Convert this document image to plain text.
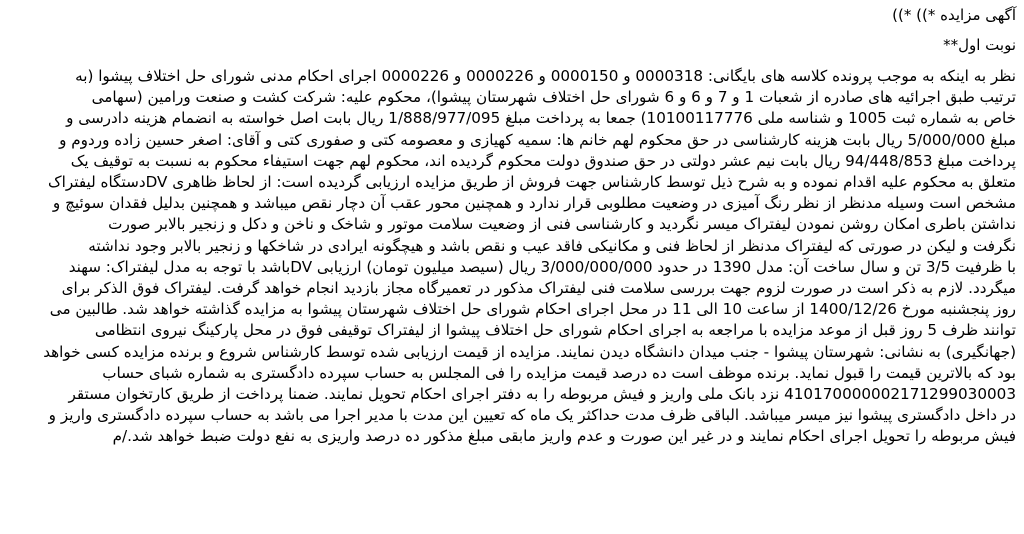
آگهی مزایده *)) *))
نوبت اول**
نظر به اینکه به موجب پرونده کلاسه های بایگانی: 0000318 و 0000150 و 0000226 و 0000226 اجرای احکام مدنی شورای حل اختلاف پیشوا (به
ترتیب طبق اجرائیه های صادره از شعبات 1 و 7 و 6 و 6 شورای حل اختلاف شهرستان پیشوا)، محکوم علیه: شرکت کشت و صنعت ورامین (سهامی
خاص به شماره ثبت 1005 و شناسه ملی 10100117776) جمعا به پرداخت مبلغ 1/888/977/095 ریال بابت اصل خواسته به انضمام هزینه دادرسی و
مبلغ 5/000/000 ریال بابت هزینه کارشناسی در حق محکوم لهم خانم ها: سمیه کهیازی و معصومه کتی و صفوری کتی و آقای: اصغر حسین زاده وردوم و
پرداخت مبلغ 94/448/853 ریال بابت نیم عشر دولتی در حق صندوق دولت محکوم گردیده اند، محکوم لهم جهت استیفاء محکوم به نسبت به توقیف یک
متعلق به محکوم علیه اقدام نموده و به شرح ذیل توسط کارشناس جهت فروش از طریق مزایده ارزیابی گردیده است: از لحاظ ظاهری DVدستگاه لیفتراک
مشخص است وسیله مدنظر از نظر رنگ آمیزی در وضعیت مطلوبی قرار ندارد و همچنین محور عقب آن دچار نقص میباشد و همچنین بدلیل فقدان سوئیچ و
نداشتن باطری امکان روشن نمودن لیفتراک میسر نگردید و کارشناسی فنی از وضعیت سلامت موتور و شاخک و ناخن و دکل و زنجیر بالابر صورت
نگرفت و لیکن در صورتی که لیفتراک مدنظر از لحاظ فنی و مکانیکی فاقد عیب و نقص باشد و هیچگونه ایرادی در شاخکها و زنجیر بالابر وجود نداشته
با ظرفیت 3/5 تن و سال ساخت آن: مدل 1390 در حدود 3/000/000/000 ریال (سیصد میلیون تومان) ارزیابی DVباشد با توجه به مدل لیفتراک: سهند
میگردد. لازم به ذکر است در صورت لزوم جهت بررسی سلامت فنی لیفتراک مذکور در تعمیرگاه مجاز بازدید انجام خواهد گرفت. لیفتراک فوق الذکر برای
روز پنجشنبه مورخ 1400/12/26 از ساعت 10 الی 11 در محل اجرای احکام شورای حل اختلاف شهرستان پیشوا به مزایده گذاشته خواهد شد. طالبین می
توانند ظرف 5 روز قبل از موعد مزایده با مراجعه به اجرای احکام شورای حل اختلاف پیشوا از لیفتراک توقیفی فوق در محل پارکینگ نیروی انتظامی
(جهانگیری) به نشانی: شهرستان پیشوا - جنب میدان دانشگاه دیدن نمایند. مزایده از قیمت ارزیابی شده توسط کارشناس شروع و برنده مزایده کسی خواهد
بود که بالاترین قیمت را قبول نماید. برنده موظف است ده درصد قیمت مزایده را فی المجلس به حساب سپرده دادگستری به شماره شبای حساب
410170000002171299030003 نزد بانک ملی واریز و فیش مربوطه را به دفتر اجرای احکام تحویل نمایند. ضمنا پرداخت از طریق کارتخوان مستقر
در داخل دادگستری پیشوا نیز میسر میباشد. الباقی ظرف مدت حداکثر یک ماه که تعیین این مدت با مدیر اجرا می باشد به حساب سپرده دادگستری واریز و
فیش مربوطه را تحویل اجرای احکام نمایند و در غیر این صورت و عدم واریز مابقی مبلغ مذکور ده درصد واریزی به نفع دولت ضبط خواهد شد./م
